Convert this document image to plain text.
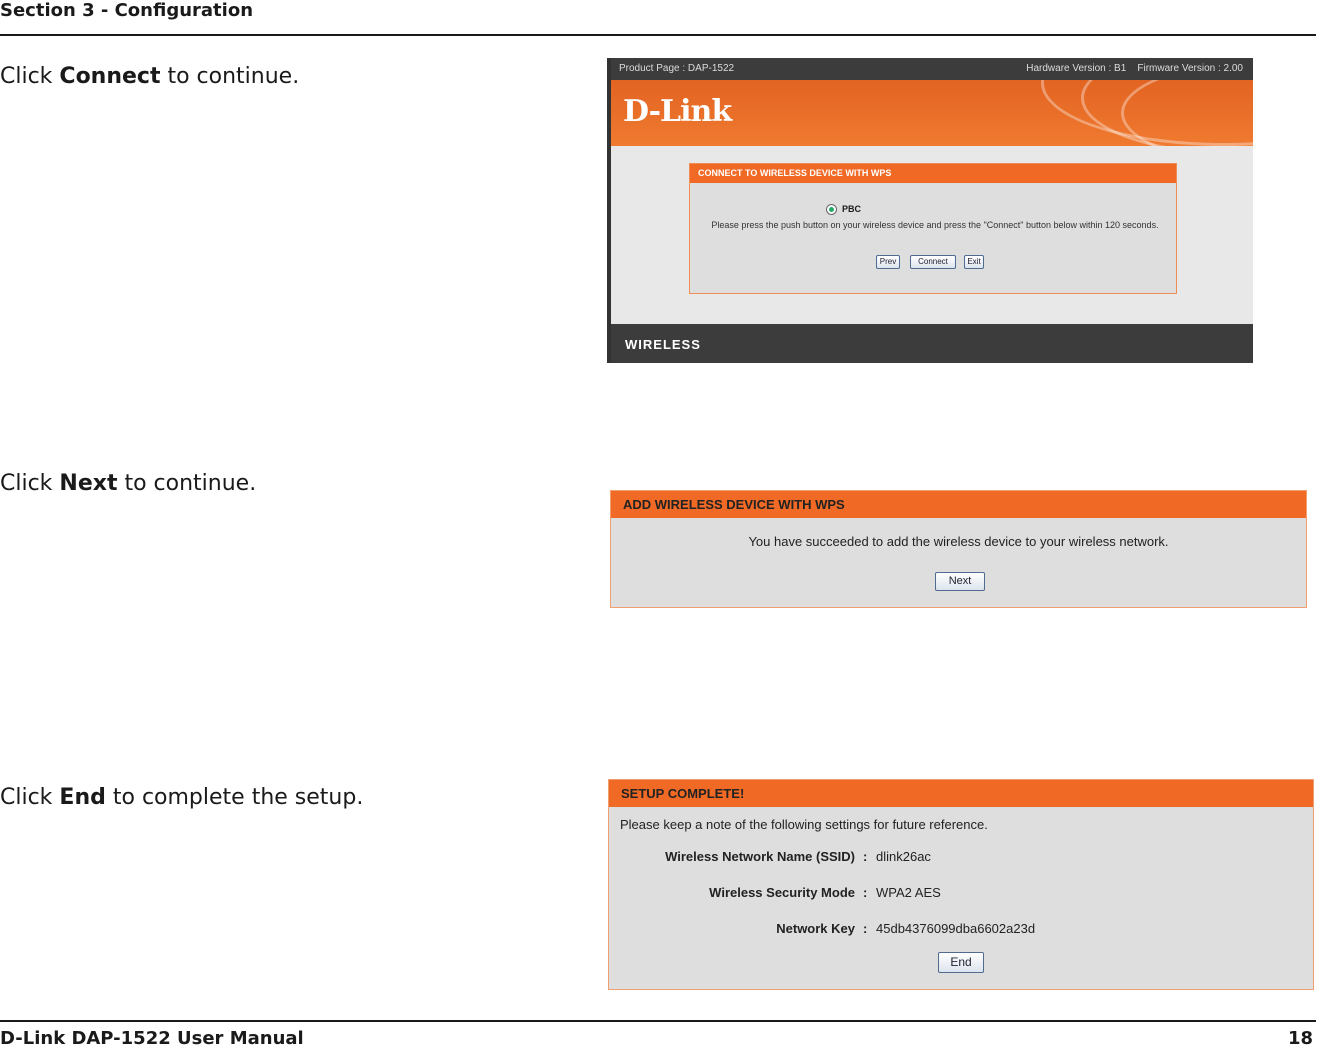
Section 3 - Configuration
Click Connect to continue.
Click Next to continue.
Click End to complete the setup.
Product Page : DAP-1522	Hardware Version : B1    Firmware Version : 2.00
D-Link
CONNECT TO WIRELESS DEVICE WITH WPS
PBC
Please press the push button on your wireless device and press the "Connect" button below within 120 seconds.
Prev	Connect	Exit
WIRELESS
ADD WIRELESS DEVICE WITH WPS
You have succeeded to add the wireless device to your wireless network.
Next
SETUP COMPLETE!
Please keep a note of the following settings for future reference.
Wireless Network Name (SSID) : dlink26ac
Wireless Security Mode : WPA2 AES
Network Key : 45db4376099dba6602a23d
End
D-Link DAP-1522 User Manual	18
